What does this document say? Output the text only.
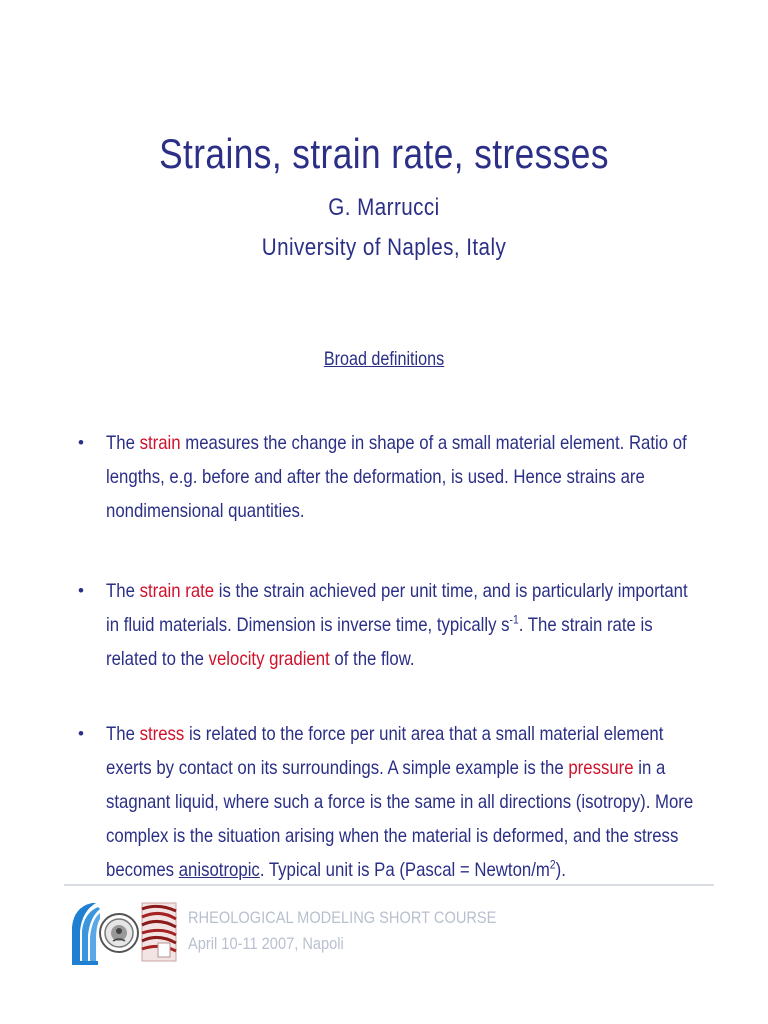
Strains, strain rate, stresses
G. Marrucci
University of Naples, Italy
Broad definitions
• The strain measures the change in shape of a small material element. Ratio of lengths, e.g. before and after the deformation, is used. Hence strains are nondimensional quantities.
• The strain rate is the strain achieved per unit time, and is particularly important in fluid materials. Dimension is inverse time, typically $s^{-1}$. The strain rate is related to the velocity gradient of the flow.
• The stress is related to the force per unit area that a small material element exerts by contact on its surroundings. A simple example is the pressure in a stagnant liquid, where such a force is the same in all directions (isotropy). More complex is the situation arising when the material is deformed, and the stress becomes anisotropic. Typical unit is Pa (Pascal = Newton/$m^2$).
RHEOLOGICAL MODELING SHORT COURSE
April 10-11 2007, Napoli
